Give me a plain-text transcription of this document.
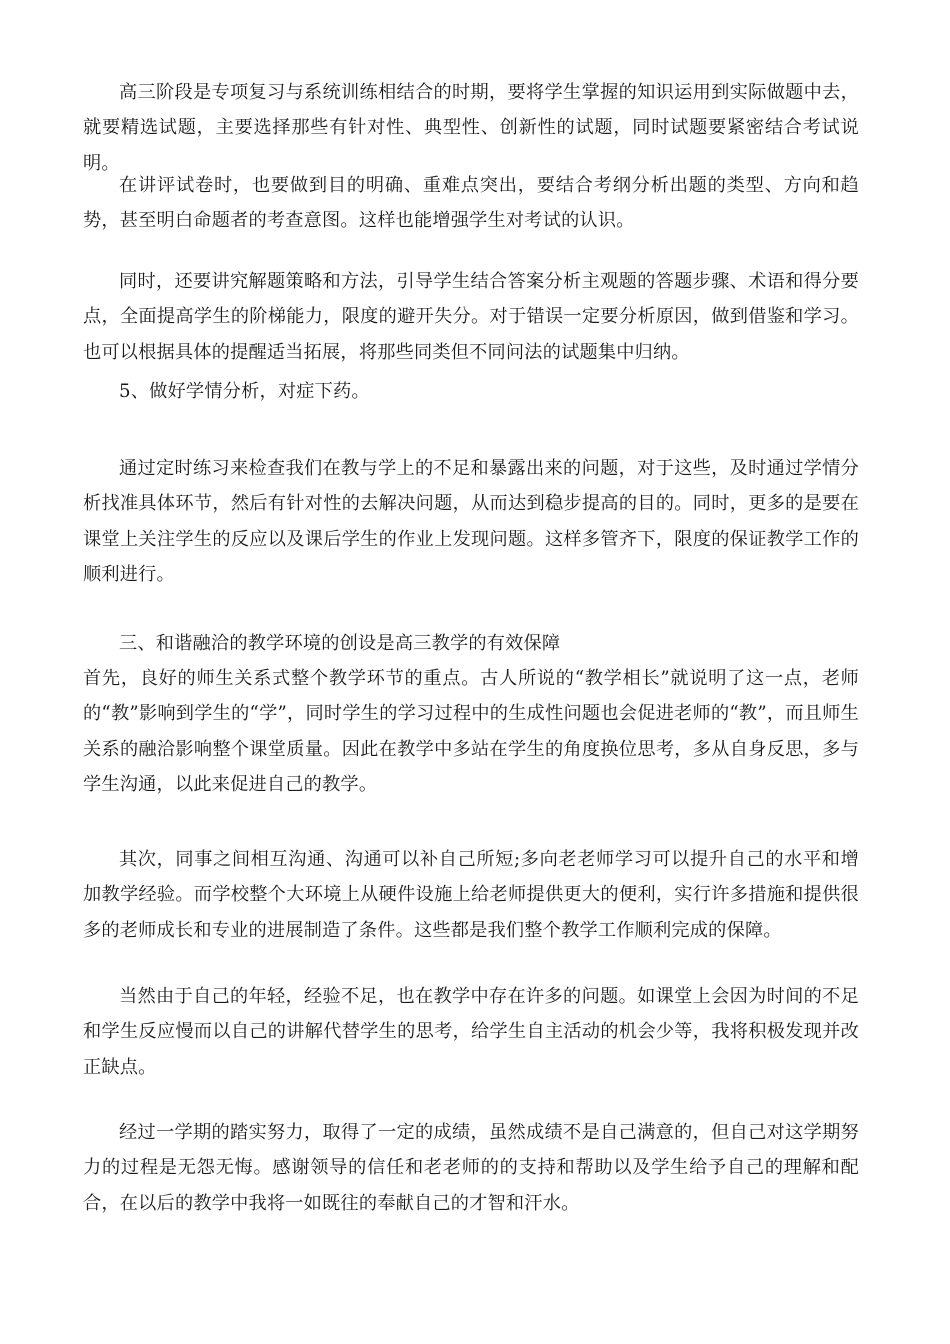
高三阶段是专项复习与系统训练相结合的时期，要将学生掌握的知识运用到实际做题中去，就要精选试题，主要选择那些有针对性、典型性、创新性的试题，同时试题要紧密结合考试说明。

在讲评试卷时，也要做到目的明确、重难点突出，要结合考纲分析出题的类型、方向和趋势，甚至明白命题者的考查意图。这样也能增强学生对考试的认识。

同时，还要讲究解题策略和方法，引导学生结合答案分析主观题的答题步骤、术语和得分要点，全面提高学生的阶梯能力，限度的避开失分。对于错误一定要分析原因，做到借鉴和学习。也可以根据具体的提醒适当拓展，将那些同类但不同问法的试题集中归纳。

5、做好学情分析，对症下药。

通过定时练习来检查我们在教与学上的不足和暴露出来的问题，对于这些，及时通过学情分析找准具体环节，然后有针对性的去解决问题，从而达到稳步提高的目的。同时，更多的是要在课堂上关注学生的反应以及课后学生的作业上发现问题。这样多管齐下，限度的保证教学工作的顺利进行。

三、和谐融洽的教学环境的创设是高三教学的有效保障

首先，良好的师生关系式整个教学环节的重点。古人所说的“教学相长”就说明了这一点，老师的“教”影响到学生的“学”，同时学生的学习过程中的生成性问题也会促进老师的“教”，而且师生关系的融洽影响整个课堂质量。因此在教学中多站在学生的角度换位思考，多从自身反思，多与学生沟通，以此来促进自己的教学。

其次，同事之间相互沟通、沟通可以补自己所短;多向老老师学习可以提升自己的水平和增加教学经验。而学校整个大环境上从硬件设施上给老师提供更大的便利，实行许多措施和提供很多的老师成长和专业的进展制造了条件。这些都是我们整个教学工作顺利完成的保障。

当然由于自己的年轻，经验不足，也在教学中存在许多的问题。如课堂上会因为时间的不足和学生反应慢而以自己的讲解代替学生的思考，给学生自主活动的机会少等，我将积极发现并改正缺点。

经过一学期的踏实努力，取得了一定的成绩，虽然成绩不是自己满意的，但自己对这学期努力的过程是无怨无悔。感谢领导的信任和老老师的的支持和帮助以及学生给予自己的理解和配合，在以后的教学中我将一如既往的奉献自己的才智和汗水。
